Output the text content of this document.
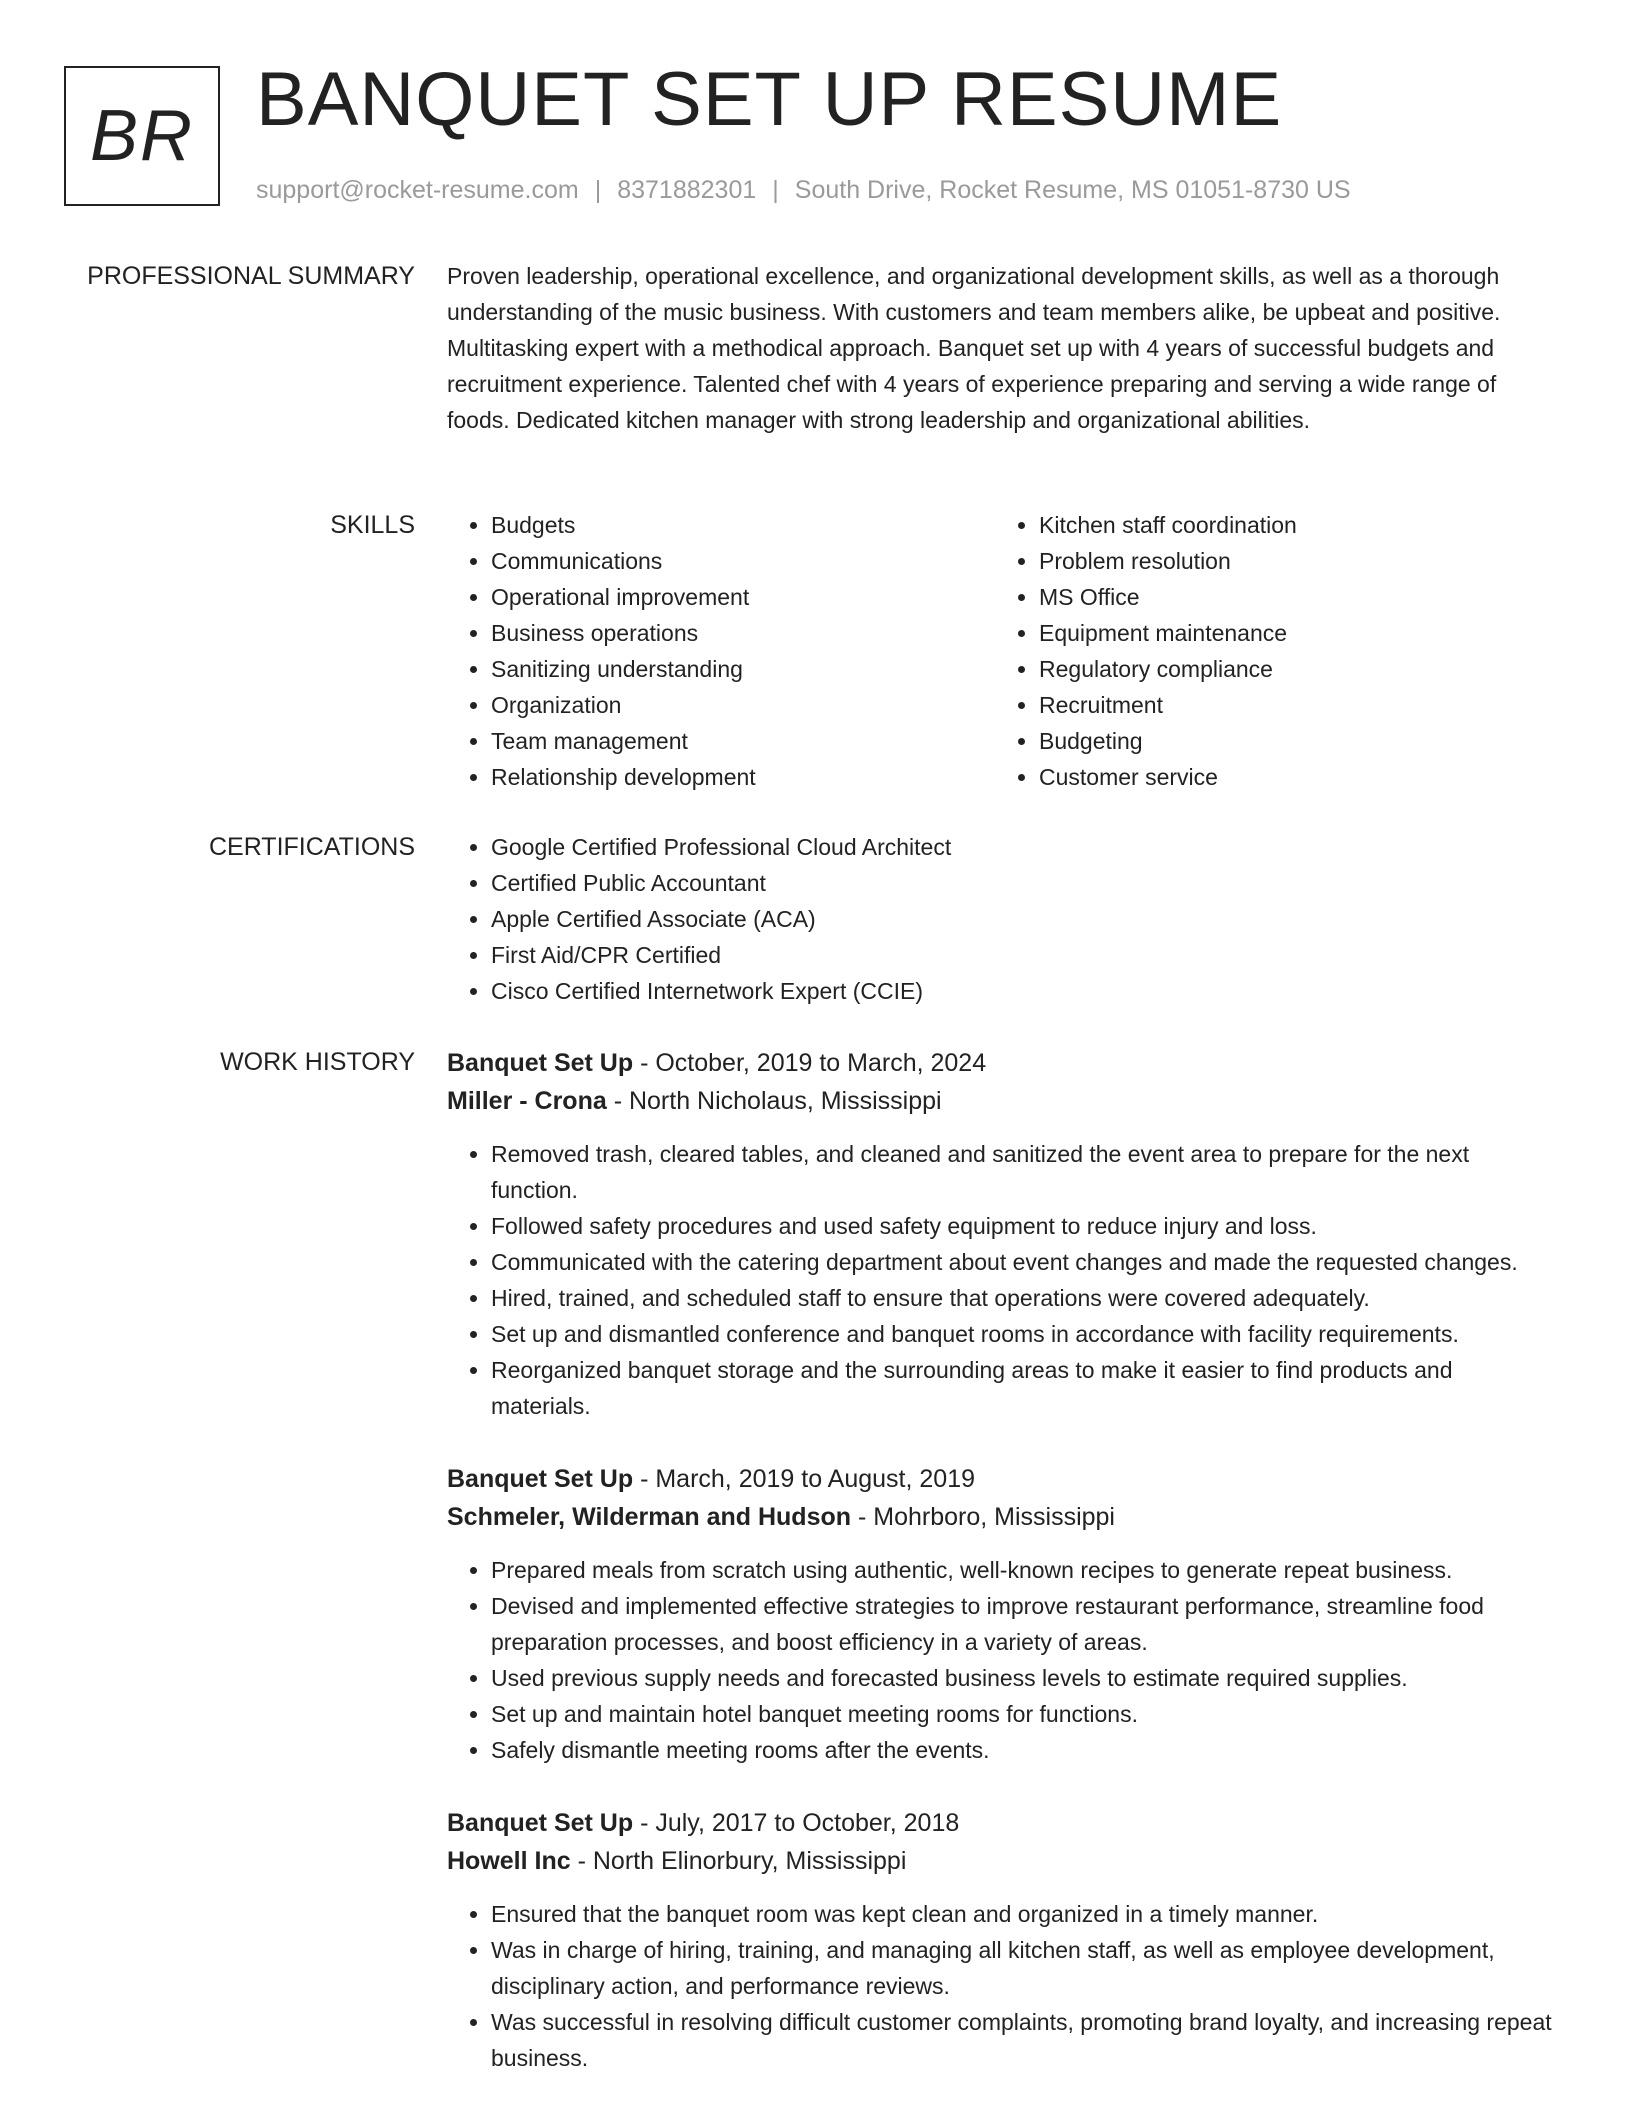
BR BANQUET SET UP RESUME
support@rocket-resume.com | 8371882301 | South Drive, Rocket Resume, MS 01051-8730 US
PROFESSIONAL SUMMARY Proven leadership, operational excellence, and organizational development skills, as well as a thorough understanding of the music business. With customers and team members alike, be upbeat and positive. Multitasking expert with a methodical approach. Banquet set up with 4 years of successful budgets and recruitment experience. Talented chef with 4 years of experience preparing and serving a wide range of foods. Dedicated kitchen manager with strong leadership and organizational abilities.

SKILLS	• Budgets
• Communications
• Operational improvement
• Business operations
• Sanitizing understanding
• Organization
• Team management
• Relationship development
• Kitchen staff coordination
• Problem resolution
• MS Office
• Equipment maintenance
• Regulatory compliance
• Recruitment
• Budgeting
• Customer service
CERTIFICATIONS	• Google Certified Professional Cloud Architect
• Certified Public Accountant
• Apple Certified Associate (ACA)
• First Aid/CPR Certified
• Cisco Certified Internetwork Expert (CCIE)
WORK HISTORY Banquet Set Up - October, 2019 to March, 2024
Miller - Crona - North Nicholaus, Mississippi
• Removed trash, cleared tables, and cleaned and sanitized the event area to prepare for the next function.
• Followed safety procedures and used safety equipment to reduce injury and loss.
• Communicated with the catering department about event changes and made the requested changes.
• Hired, trained, and scheduled staff to ensure that operations were covered adequately.
• Set up and dismantled conference and banquet rooms in accordance with facility requirements.
• Reorganized banquet storage and the surrounding areas to make it easier to find products and materials.
Banquet Set Up - March, 2019 to August, 2019
Schmeler, Wilderman and Hudson - Mohrboro, Mississippi
• Prepared meals from scratch using authentic, well-known recipes to generate repeat business.
• Devised and implemented effective strategies to improve restaurant performance, streamline food preparation processes, and boost efficiency in a variety of areas.
• Used previous supply needs and forecasted business levels to estimate required supplies.
• Set up and maintain hotel banquet meeting rooms for functions.
• Safely dismantle meeting rooms after the events.
Banquet Set Up - July, 2017 to October, 2018
Howell Inc - North Elinorbury, Mississippi
• Ensured that the banquet room was kept clean and organized in a timely manner.
• Was in charge of hiring, training, and managing all kitchen staff, as well as employee development, disciplinary action, and performance reviews.
• Was successful in resolving difficult customer complaints, promoting brand loyalty, and increasing repeat business.
